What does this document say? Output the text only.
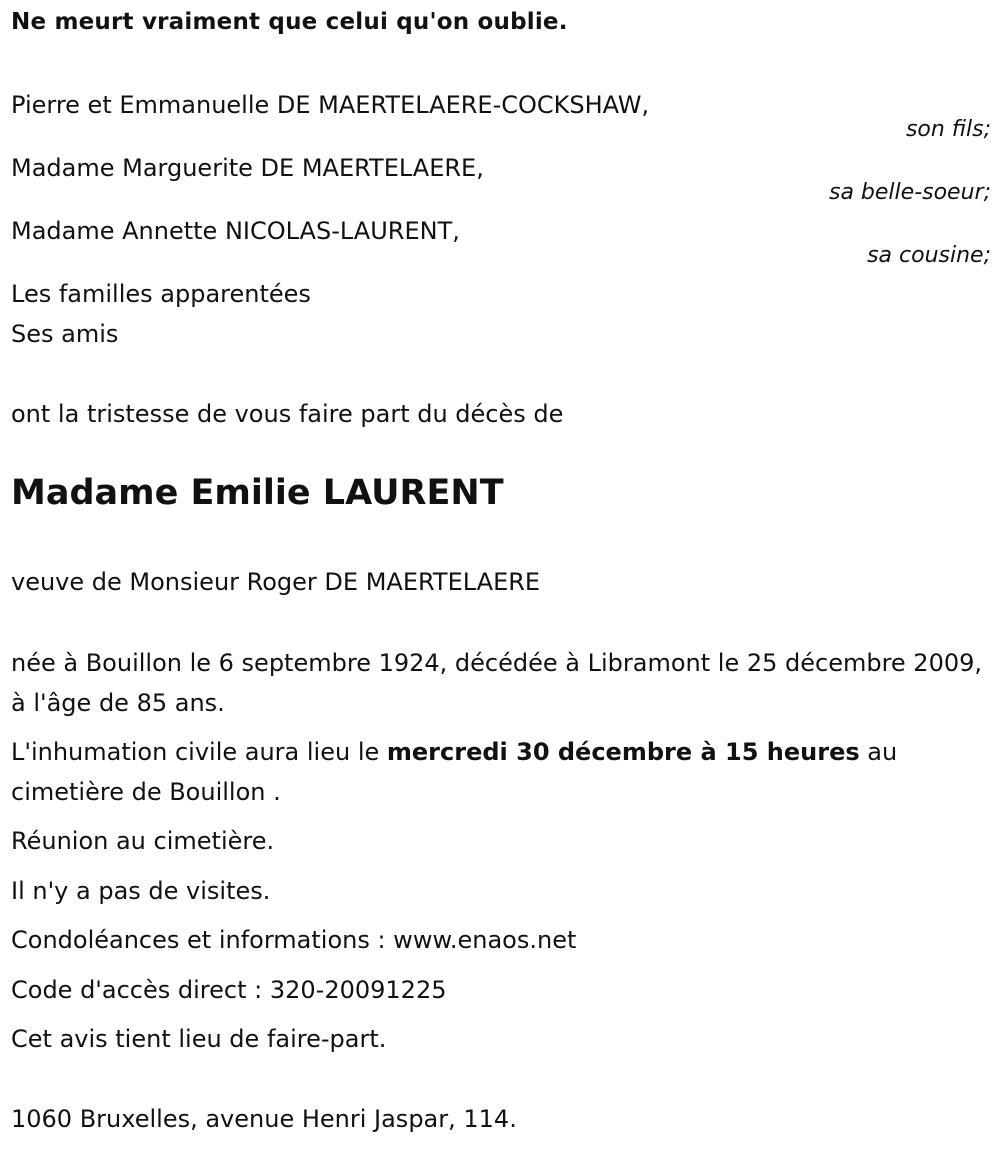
Ne meurt vraiment que celui qu'on oublie.
Pierre et Emmanuelle DE MAERTELAERE-COCKSHAW,
son fils;
Madame Marguerite DE MAERTELAERE,
sa belle-soeur;
Madame Annette NICOLAS-LAURENT,
sa cousine;
Les familles apparentées
Ses amis
ont la tristesse de vous faire part du décès de
Madame Emilie LAURENT
veuve de Monsieur Roger DE MAERTELAERE
née à Bouillon le 6 septembre 1924, décédée à Libramont le 25 décembre 2009, à l'âge de 85 ans.
L'inhumation civile aura lieu le mercredi 30 décembre à 15 heures au cimetière de Bouillon .
Réunion au cimetière.
Il n'y a pas de visites.
Condoléances et informations : www.enaos.net
Code d'accès direct : 320-20091225
Cet avis tient lieu de faire-part.
1060 Bruxelles, avenue Henri Jaspar, 114.
